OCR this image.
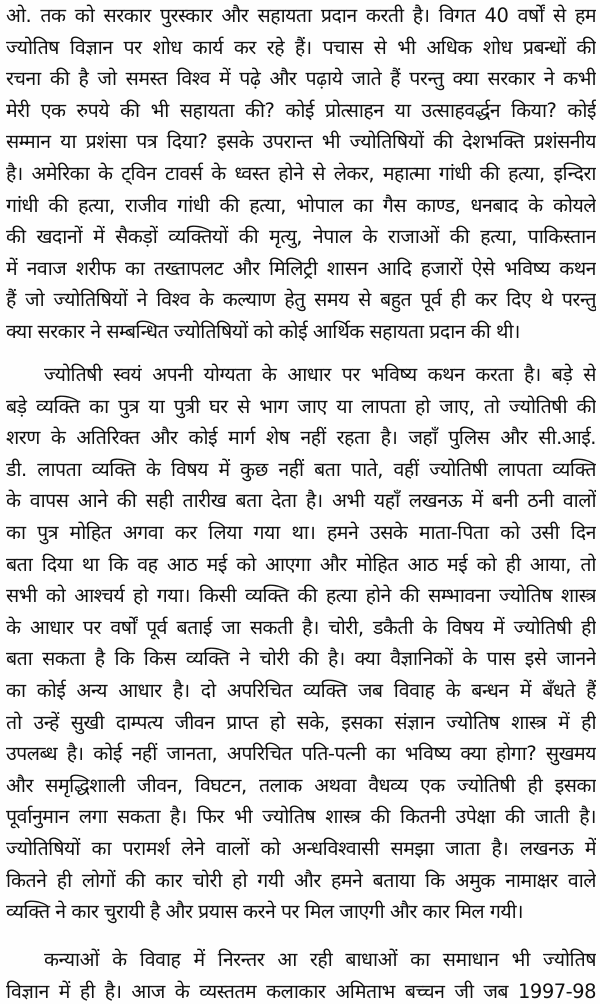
ओ. तक को सरकार पुरस्कार और सहायता प्रदान करती है। विगत 40 वर्षों से हम
ज्योतिष विज्ञान पर शोध कार्य कर रहे हैं। पचास से भी अधिक शोध प्रबन्धों की
रचना की है जो समस्त विश्व में पढ़े और पढ़ाये जाते हैं परन्तु क्या सरकार ने कभी
मेरी एक रुपये की भी सहायता की? कोई प्रोत्साहन या उत्साहवर्द्धन किया? कोई
सम्मान या प्रशंसा पत्र दिया? इसके उपरान्त भी ज्योतिषियों की देशभक्ति प्रशंसनीय
है। अमेरिका के ट्विन टावर्स के ध्वस्त होने से लेकर, महात्मा गांधी की हत्या, इन्दिरा
गांधी की हत्या, राजीव गांधी की हत्या, भोपाल का गैस काण्ड, धनबाद के कोयले
की खदानों में सैकड़ों व्यक्तियों की मृत्यु, नेपाल के राजाओं की हत्या, पाकिस्तान
में नवाज शरीफ का तख्तापलट और मिलिट्री शासन आदि हजारों ऐसे भविष्य कथन
हैं जो ज्योतिषियों ने विश्व के कल्याण हेतु समय से बहुत पूर्व ही कर दिए थे परन्तु
क्या सरकार ने सम्बन्धित ज्योतिषियों को कोई आर्थिक सहायता प्रदान की थी।
ज्योतिषी स्वयं अपनी योग्यता के आधार पर भविष्य कथन करता है। बड़े से
बड़े व्यक्ति का पुत्र या पुत्री घर से भाग जाए या लापता हो जाए, तो ज्योतिषी की
शरण के अतिरिक्त और कोई मार्ग शेष नहीं रहता है। जहाँ पुलिस और सी.आई.
डी. लापता व्यक्ति के विषय में कुछ नहीं बता पाते, वहीं ज्योतिषी लापता व्यक्ति
के वापस आने की सही तारीख बता देता है। अभी यहाँ लखनऊ में बनी ठनी वालों
का पुत्र मोहित अगवा कर लिया गया था। हमने उसके माता-पिता को उसी दिन
बता दिया था कि वह आठ मई को आएगा और मोहित आठ मई को ही आया, तो
सभी को आश्चर्य हो गया। किसी व्यक्ति की हत्या होने की सम्भावना ज्योतिष शास्त्र
के आधार पर वर्षों पूर्व बताई जा सकती है। चोरी, डकैती के विषय में ज्योतिषी ही
बता सकता है कि किस व्यक्ति ने चोरी की है। क्या वैज्ञानिकों के पास इसे जानने
का कोई अन्य आधार है। दो अपरिचित व्यक्ति जब विवाह के बन्धन में बँधते हैं
तो उन्हें सुखी दाम्पत्य जीवन प्राप्त हो सके, इसका संज्ञान ज्योतिष शास्त्र में ही
उपलब्ध है। कोई नहीं जानता, अपरिचित पति-पत्नी का भविष्य क्या होगा? सुखमय
और समृद्धिशाली जीवन, विघटन, तलाक अथवा वैधव्य एक ज्योतिषी ही इसका
पूर्वानुमान लगा सकता है। फिर भी ज्योतिष शास्त्र की कितनी उपेक्षा की जाती है।
ज्योतिषियों का परामर्श लेने वालों को अन्धविश्वासी समझा जाता है। लखनऊ में
कितने ही लोगों की कार चोरी हो गयी और हमने बताया कि अमुक नामाक्षर वाले
व्यक्ति ने कार चुरायी है और प्रयास करने पर मिल जाएगी और कार मिल गयी।
कन्याओं के विवाह में निरन्तर आ रही बाधाओं का समाधान भी ज्योतिष
विज्ञान में ही है। आज के व्यस्ततम कलाकार अमिताभ बच्चन जी जब 1997-98
